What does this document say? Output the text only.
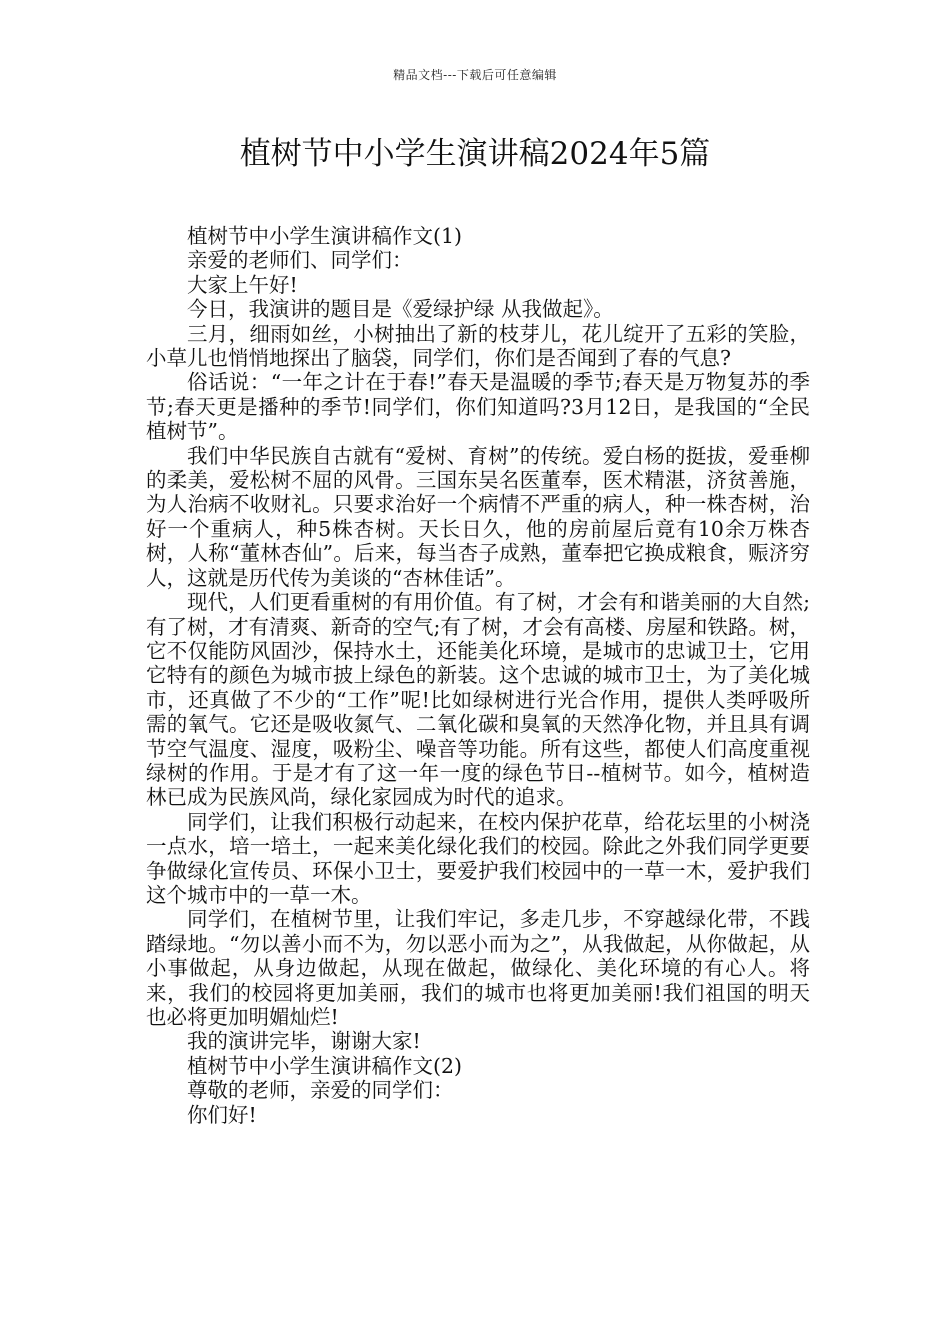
精品文档---下载后可任意编辑
植树节中小学生演讲稿2024年5篇

植树节中小学生演讲稿作文(1)

亲爱的老师们、同学们：

大家上午好!

今日，我演讲的题目是《爱绿护绿 从我做起》。

三月，细雨如丝，小树抽出了新的枝芽儿，花儿绽开了五彩的笑脸，小草儿也悄悄地探出了脑袋，同学们，你们是否闻到了春的气息?

俗话说：“一年之计在于春!”春天是温暖的季节;春天是万物复苏的季节;春天更是播种的季节!同学们，你们知道吗?3月12日，是我国的“全民植树节”。

我们中华民族自古就有“爱树、育树”的传统。爱白杨的挺拔，爱垂柳的柔美，爱松树不屈的风骨。三国东吴名医董奉，医术精湛，济贫善施，为人治病不收财礼。只要求治好一个病情不严重的病人，种一株杏树，治好一个重病人，种5株杏树。天长日久，他的房前屋后竟有10余万株杏树，人称“董林杏仙”。后来，每当杏子成熟，董奉把它换成粮食，赈济穷人，这就是历代传为美谈的“杏林佳话”。

现代，人们更看重树的有用价值。有了树，才会有和谐美丽的大自然;有了树，才有清爽、新奇的空气;有了树，才会有高楼、房屋和铁路。树，它不仅能防风固沙，保持水土，还能美化环境，是城市的忠诚卫士，它用它特有的颜色为城市披上绿色的新装。这个忠诚的城市卫士，为了美化城市，还真做了不少的“工作”呢!比如绿树进行光合作用，提供人类呼吸所需的氧气。它还是吸收氮气、二氧化碳和臭氧的天然净化物，并且具有调节空气温度、湿度，吸粉尘、噪音等功能。所有这些，都使人们高度重视绿树的作用。于是才有了这一年一度的绿色节日--植树节。如今，植树造林已成为民族风尚，绿化家园成为时代的追求。

同学们，让我们积极行动起来，在校内保护花草，给花坛里的小树浇一点水，培一培土，一起来美化绿化我们的校园。除此之外我们同学更要争做绿化宣传员、环保小卫士，要爱护我们校园中的一草一木，爱护我们这个城市中的一草一木。

同学们，在植树节里，让我们牢记，多走几步，不穿越绿化带，不践踏绿地。“勿以善小而不为，勿以恶小而为之”，从我做起，从你做起，从小事做起，从身边做起，从现在做起，做绿化、美化环境的有心人。将来，我们的校园将更加美丽，我们的城市也将更加美丽!我们祖国的明天也必将更加明媚灿烂!

我的演讲完毕，谢谢大家!

植树节中小学生演讲稿作文(2)

尊敬的老师，亲爱的同学们：

你们好!
